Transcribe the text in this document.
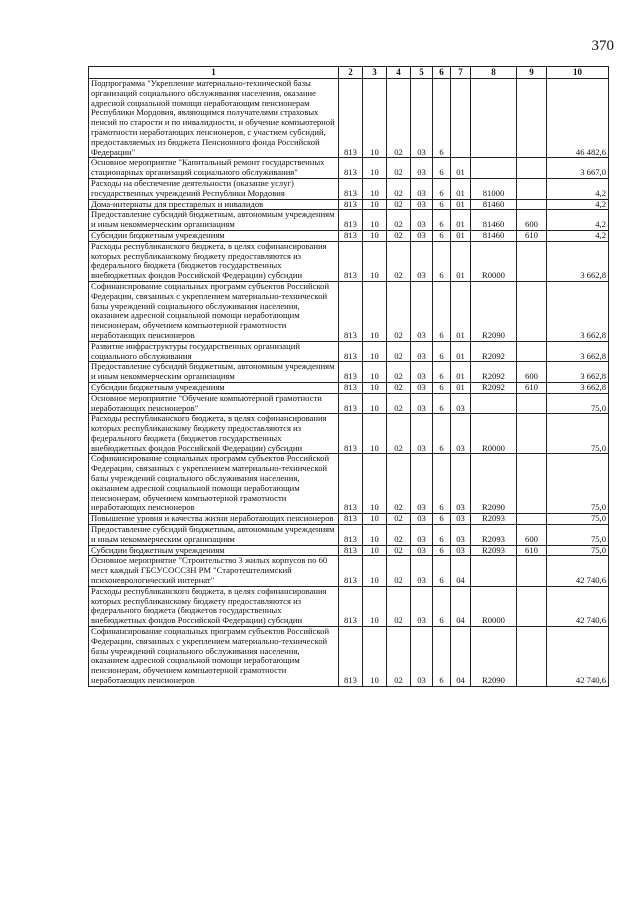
370
1	2	3	4	5	6	7	8	9	10
Подпрограмма "Укрепление материально-технической базы организаций социального обслуживания населения, оказание адресной социальной помощи неработающим пенсионерам Республики Мордовия, являющимся получателями страховых пенсий по старости и по инвалидности, и обучение компьютерной грамотности неработающих пенсионеров, с участием субсидий, предоставляемых из бюджета Пенсионного фонда Российской Федерации"	813	10	02	03	6				46 482,6
Основное мероприятие "Капитальный ремонт государственных стационарных организаций социального обслуживания"	813	10	02	03	6	01			3 667,0
Расходы на обеспечение деятельности (оказание услуг) государственных учреждений Республики Мордовия	813	10	02	03	6	01	81000		4,2
Дома-интернаты для престарелых и инвалидов	813	10	02	03	6	01	81460		4,2
Предоставление субсидий бюджетным, автономным учреждениям и иным некоммерческим организациям	813	10	02	03	6	01	81460	600	4,2
Субсидии бюджетным учреждениям	813	10	02	03	6	01	81460	610	4,2
Расходы республиканского бюджета, в целях софинансирования которых республиканскому бюджету предоставляются из федерального бюджета (бюджетов государственных внебюджетных фондов Российской Федерации) субсидии	813	10	02	03	6	01	R0000		3 662,8
Софинансирование социальных программ субъектов Российской Федерации, связанных с укреплением материально-технической базы учреждений социального обслуживания населения, оказанием адресной социальной помощи неработающим пенсионерам, обучением компьютерной грамотности неработающих пенсионеров	813	10	02	03	6	01	R2090		3 662,8
Развитие инфраструктуры государственных организаций социального обслуживания	813	10	02	03	6	01	R2092		3 662,8
Предоставление субсидий бюджетным, автономным учреждениям и иным некоммерческим организациям	813	10	02	03	6	01	R2092	600	3 662,8
Субсидии бюджетным учреждениям	813	10	02	03	6	01	R2092	610	3 662,8
Основное мероприятие "Обучение компьютерной грамотности неработающих пенсионеров"	813	10	02	03	6	03			75,0
Расходы республиканского бюджета, в целях софинансирования которых республиканскому бюджету предоставляются из федерального бюджета (бюджетов государственных внебюджетных фондов Российской Федерации) субсидии	813	10	02	03	6	03	R0000		75,0
Софинансирование социальных программ субъектов Российской Федерации, связанных с укреплением материально-технической базы учреждений социального обслуживания населения, оказанием адресной социальной помощи неработающим пенсионерам, обучением компьютерной грамотности неработающих пенсионеров	813	10	02	03	6	03	R2090		75,0
Повышение уровня и качества жизни неработающих пенсионеров	813	10	02	03	6	03	R2093		75,0
Предоставление субсидий бюджетным, автономным учреждениям и иным некоммерческим организациям	813	10	02	03	6	03	R2093	600	75,0
Субсидии бюджетным учреждениям	813	10	02	03	6	03	R2093	610	75,0
Основное мероприятие "Строительство 3 жилых корпусов по 60 мест каждый ГБСУСОССЗН РМ "Старотештелимский психоневрологический интернат"	813	10	02	03	6	04			42 740,6
Расходы республиканского бюджета, в целях софинансирования которых республиканскому бюджету предоставляются из федерального бюджета (бюджетов государственных внебюджетных фондов Российской Федерации) субсидии	813	10	02	03	6	04	R0000		42 740,6
Софинансирование социальных программ субъектов Российской Федерации, связанных с укреплением материально-технической базы учреждений социального обслуживания населения, оказанием адресной социальной помощи неработающим пенсионерам, обучением компьютерной грамотности неработающих пенсионеров	813	10	02	03	6	04	R2090		42 740,6
